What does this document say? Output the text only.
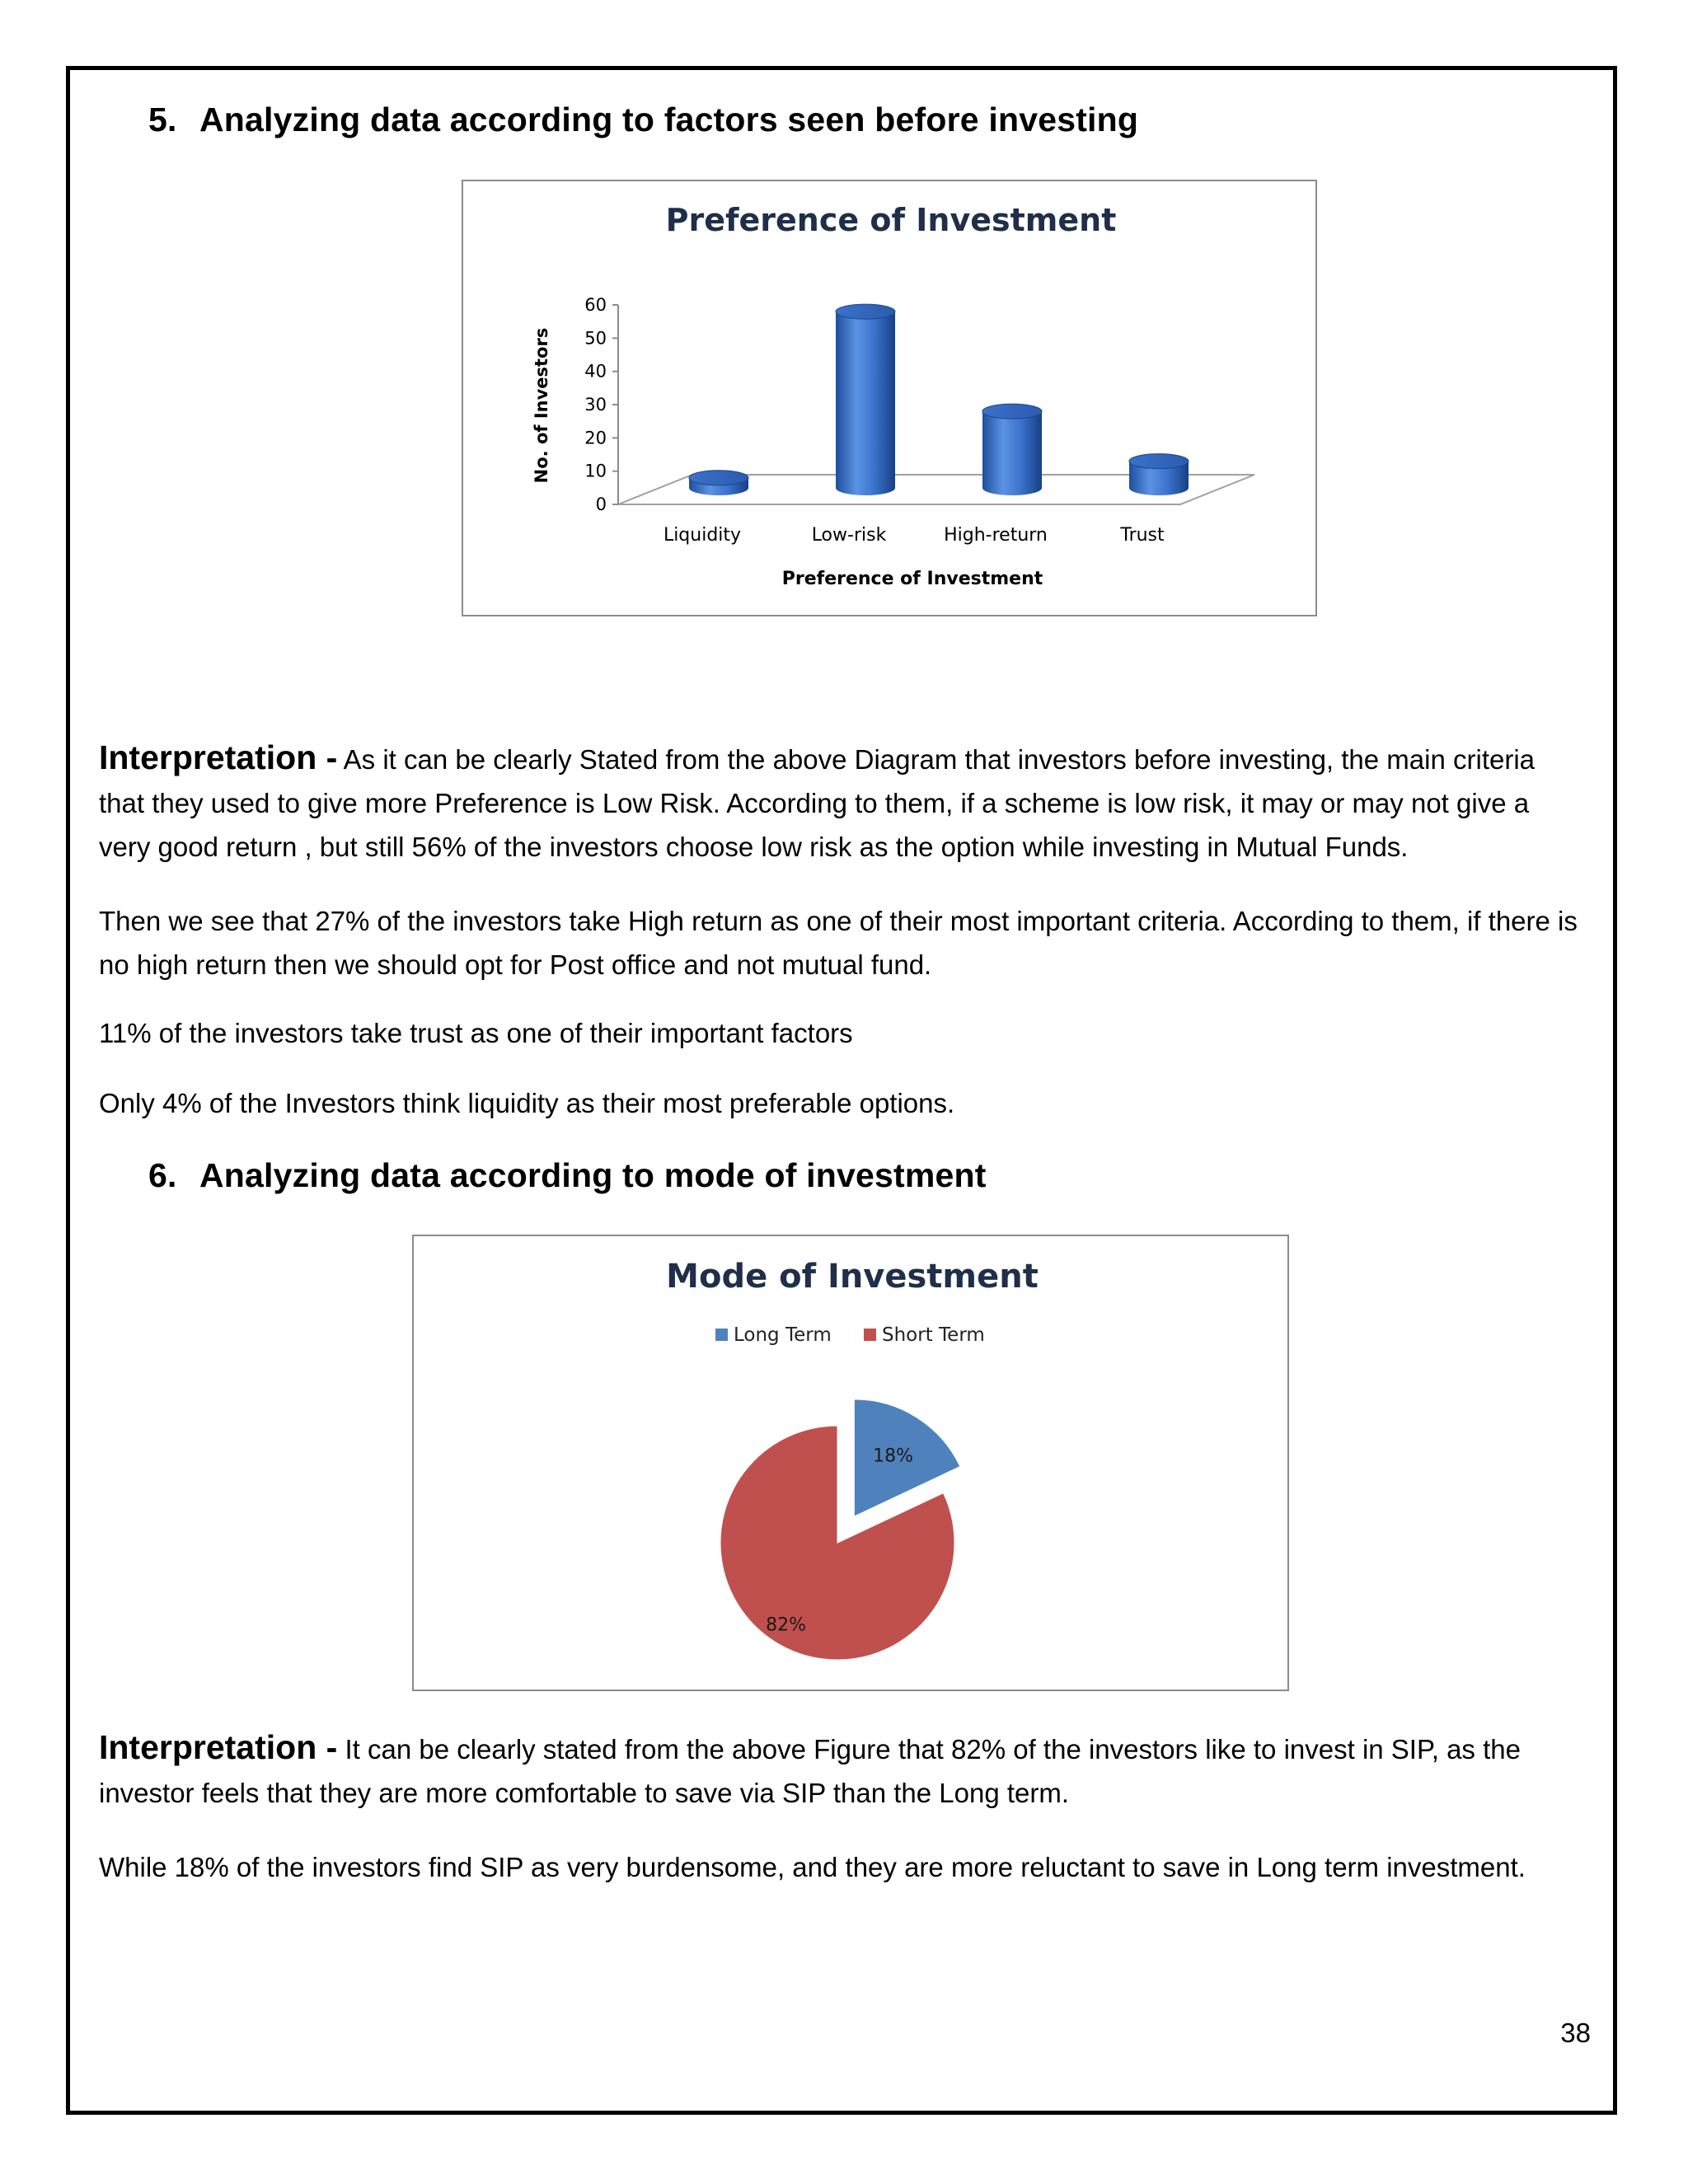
5. Analyzing data according to factors seen before investing
Preference of Investment
0
10
20
30
40
50
60
Liquidity	Low-risk	High-return	Trust
Preference of Investment
No. of Investors
Interpretation - As it can be clearly Stated from the above Diagram that investors before investing, the main criteria that they used to give more Preference is Low Risk. According to them, if a scheme is low risk, it may or may not give a very good return , but still 56% of the investors choose low risk as the option while investing in Mutual Funds.
Then we see that 27% of the investors take High return as one of their most important criteria. According to them, if there is no high return then we should opt for Post office and not mutual fund.
11% of the investors take trust as one of their important factors
Only 4% of the Investors think liquidity as their most preferable options.
6. Analyzing data according to mode of investment
Mode of Investment
Long Term	Short Term
18%
82%
Interpretation - It can be clearly stated from the above Figure that 82% of the investors like to invest in SIP, as the investor feels that they are more comfortable to save via SIP than the Long term.
While 18% of the investors find SIP as very burdensome, and they are more reluctant to save in Long term investment.
38
